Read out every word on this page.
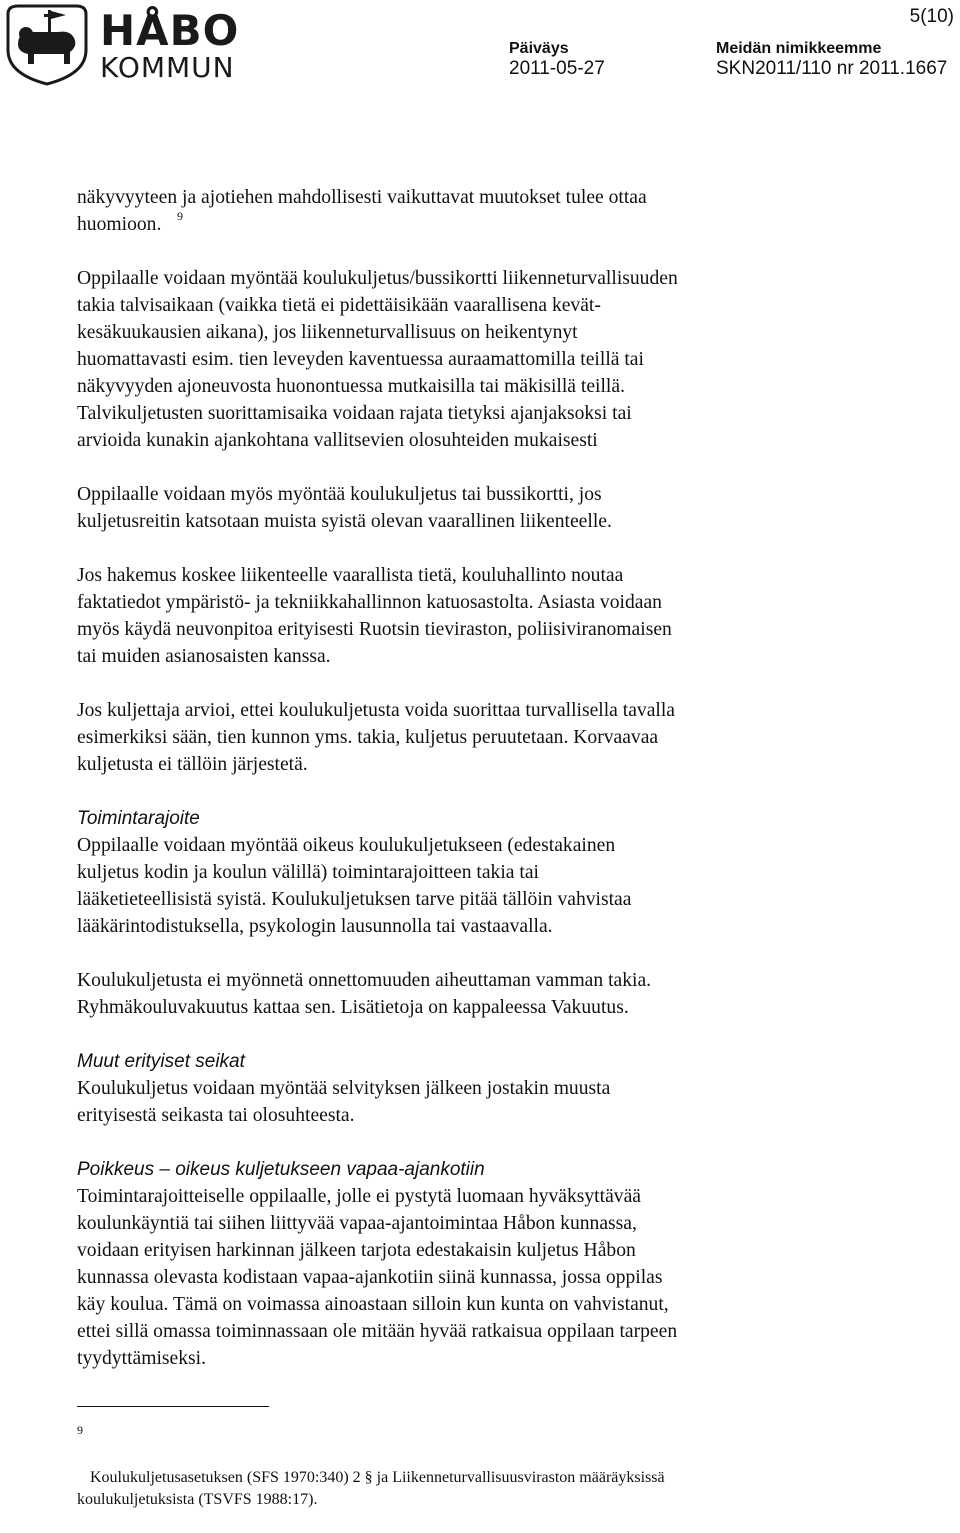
HÅBO
KOMMUN
5(10)
Päiväys
2011-05-27
Meidän nimikkeemme
SKN2011/110 nr 2011.1667

näkyvyyteen ja ajotiehen mahdollisesti vaikuttavat muutokset tulee ottaa
huomioon.

Oppilaalle voidaan myöntää koulukuljetus/bussikortti liikenneturvallisuuden
takia talvisaikaan (vaikka tietä ei pidettäisikään vaarallisena kevät-
kesäkuukausien aikana), jos liikenneturvallisuus on heikentynyt
huomattavasti esim. tien leveyden kaventuessa auraamattomilla teillä tai
näkyvyyden ajoneuvosta huonontuessa mutkaisilla tai mäkisillä teillä.
Talvikuljetusten suorittamisaika voidaan rajata tietyksi ajanjaksoksi tai
arvioida kunakin ajankohtana vallitsevien olosuhteiden mukaisesti

Oppilaalle voidaan myös myöntää koulukuljetus tai bussikortti, jos
kuljetusreitin katsotaan muista syistä olevan vaarallinen liikenteelle.

Jos hakemus koskee liikenteelle vaarallista tietä, kouluhallinto noutaa
faktatiedot ympäristö- ja tekniikkahallinnon katuosastolta. Asiasta voidaan
myös käydä neuvonpitoa erityisesti Ruotsin tieviraston, poliisiviranomaisen
tai muiden asianosaisten kanssa.

Jos kuljettaja arvioi, ettei koulukuljetusta voida suorittaa turvallisella tavalla
esimerkiksi sään, tien kunnon yms. takia, kuljetus peruutetaan. Korvaavaa
kuljetusta ei tällöin järjestetä.

Toimintarajoite

Oppilaalle voidaan myöntää oikeus koulukuljetukseen (edestakainen
kuljetus kodin ja koulun välillä) toimintarajoitteen takia tai
lääketieteellisistä syistä. Koulukuljetuksen tarve pitää tällöin vahvistaa
lääkärintodistuksella, psykologin lausunnolla tai vastaavalla.

Koulukuljetusta ei myönnetä onnettomuuden aiheuttaman vamman takia.
Ryhmäkouluvakuutus kattaa sen. Lisätietoja on kappaleessa Vakuutus.

Muut erityiset seikat

Koulukuljetus voidaan myöntää selvityksen jälkeen jostakin muusta
erityisestä seikasta tai olosuhteesta.

Poikkeus – oikeus kuljetukseen vapaa-ajankotiin

Toimintarajoitteiselle oppilaalle, jolle ei pystytä luomaan hyväksyttävää
koulunkäyntiä tai siihen liittyvää vapaa-ajantoimintaa Håbon kunnassa,
voidaan erityisen harkinnan jälkeen tarjota edestakaisin kuljetus Håbon
kunnassa olevasta kodistaan vapaa-ajankotiin siinä kunnassa, jossa oppilas
käy koulua. Tämä on voimassa ainoastaan silloin kun kunta on vahvistanut,
ettei sillä omassa toiminnassaan ole mitään hyvää ratkaisua oppilaan tarpeen
tyydyttämiseksi.

9

9

Koulukuljetusasetuksen (SFS 1970:340) 2 § ja Liikenneturvallisuusviraston määräyksissä
koulukuljetuksista (TSVFS 1988:17).
